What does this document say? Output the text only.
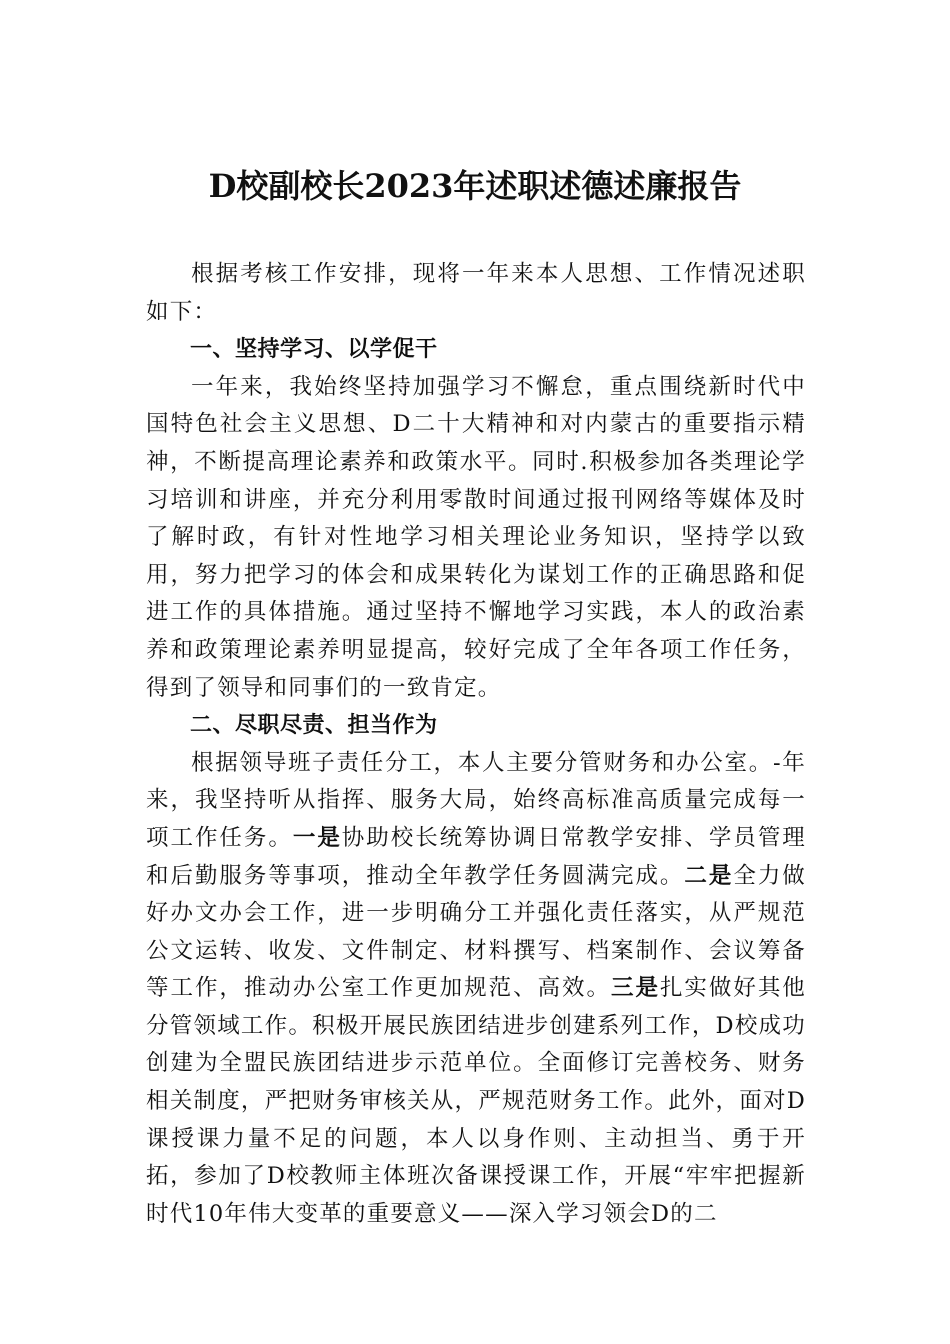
D校副校长2023年述职述德述廉报告

根据考核工作安排，现将一年来本人思想、工作情况述职如下：

一、坚持学习、以学促干

一年来，我始终坚持加强学习不懈怠，重点围绕新时代中国特色社会主义思想、D二十大精神和对内蒙古的重要指示精神，不断提高理论素养和政策水平。同时.积极参加各类理论学习培训和讲座，并充分利用零散时间通过报刊网络等媒体及时了解时政，有针对性地学习相关理论业务知识，坚持学以致用，努力把学习的体会和成果转化为谋划工作的正确思路和促进工作的具体措施。通过坚持不懈地学习实践，本人的政治素养和政策理论素养明显提高，较好完成了全年各项工作任务，得到了领导和同事们的一致肯定。

二、尽职尽责、担当作为

根据领导班子责任分工，本人主要分管财务和办公室。-年来，我坚持听从指挥、服务大局，始终高标准高质量完成每一项工作任务。一是协助校长统筹协调日常教学安排、学员管理和后勤服务等事项，推动全年教学任务圆满完成。二是全力做好办文办会工作，进一步明确分工并强化责任落实，从严规范公文运转、收发、文件制定、材料撰写、档案制作、会议筹备等工作，推动办公室工作更加规范、高效。三是扎实做好其他分管领域工作。积极开展民族团结进步创建系列工作，D校成功创建为全盟民族团结进步示范单位。全面修订完善校务、财务相关制度，严把财务审核关从，严规范财务工作。此外，面对D课授课力量不足的问题，本人以身作则、主动担当、勇于开拓，参加了D校教师主体班次备课授课工作，开展“牢牢把握新时代10年伟大变革的重要意义——深入学习领会D的二
